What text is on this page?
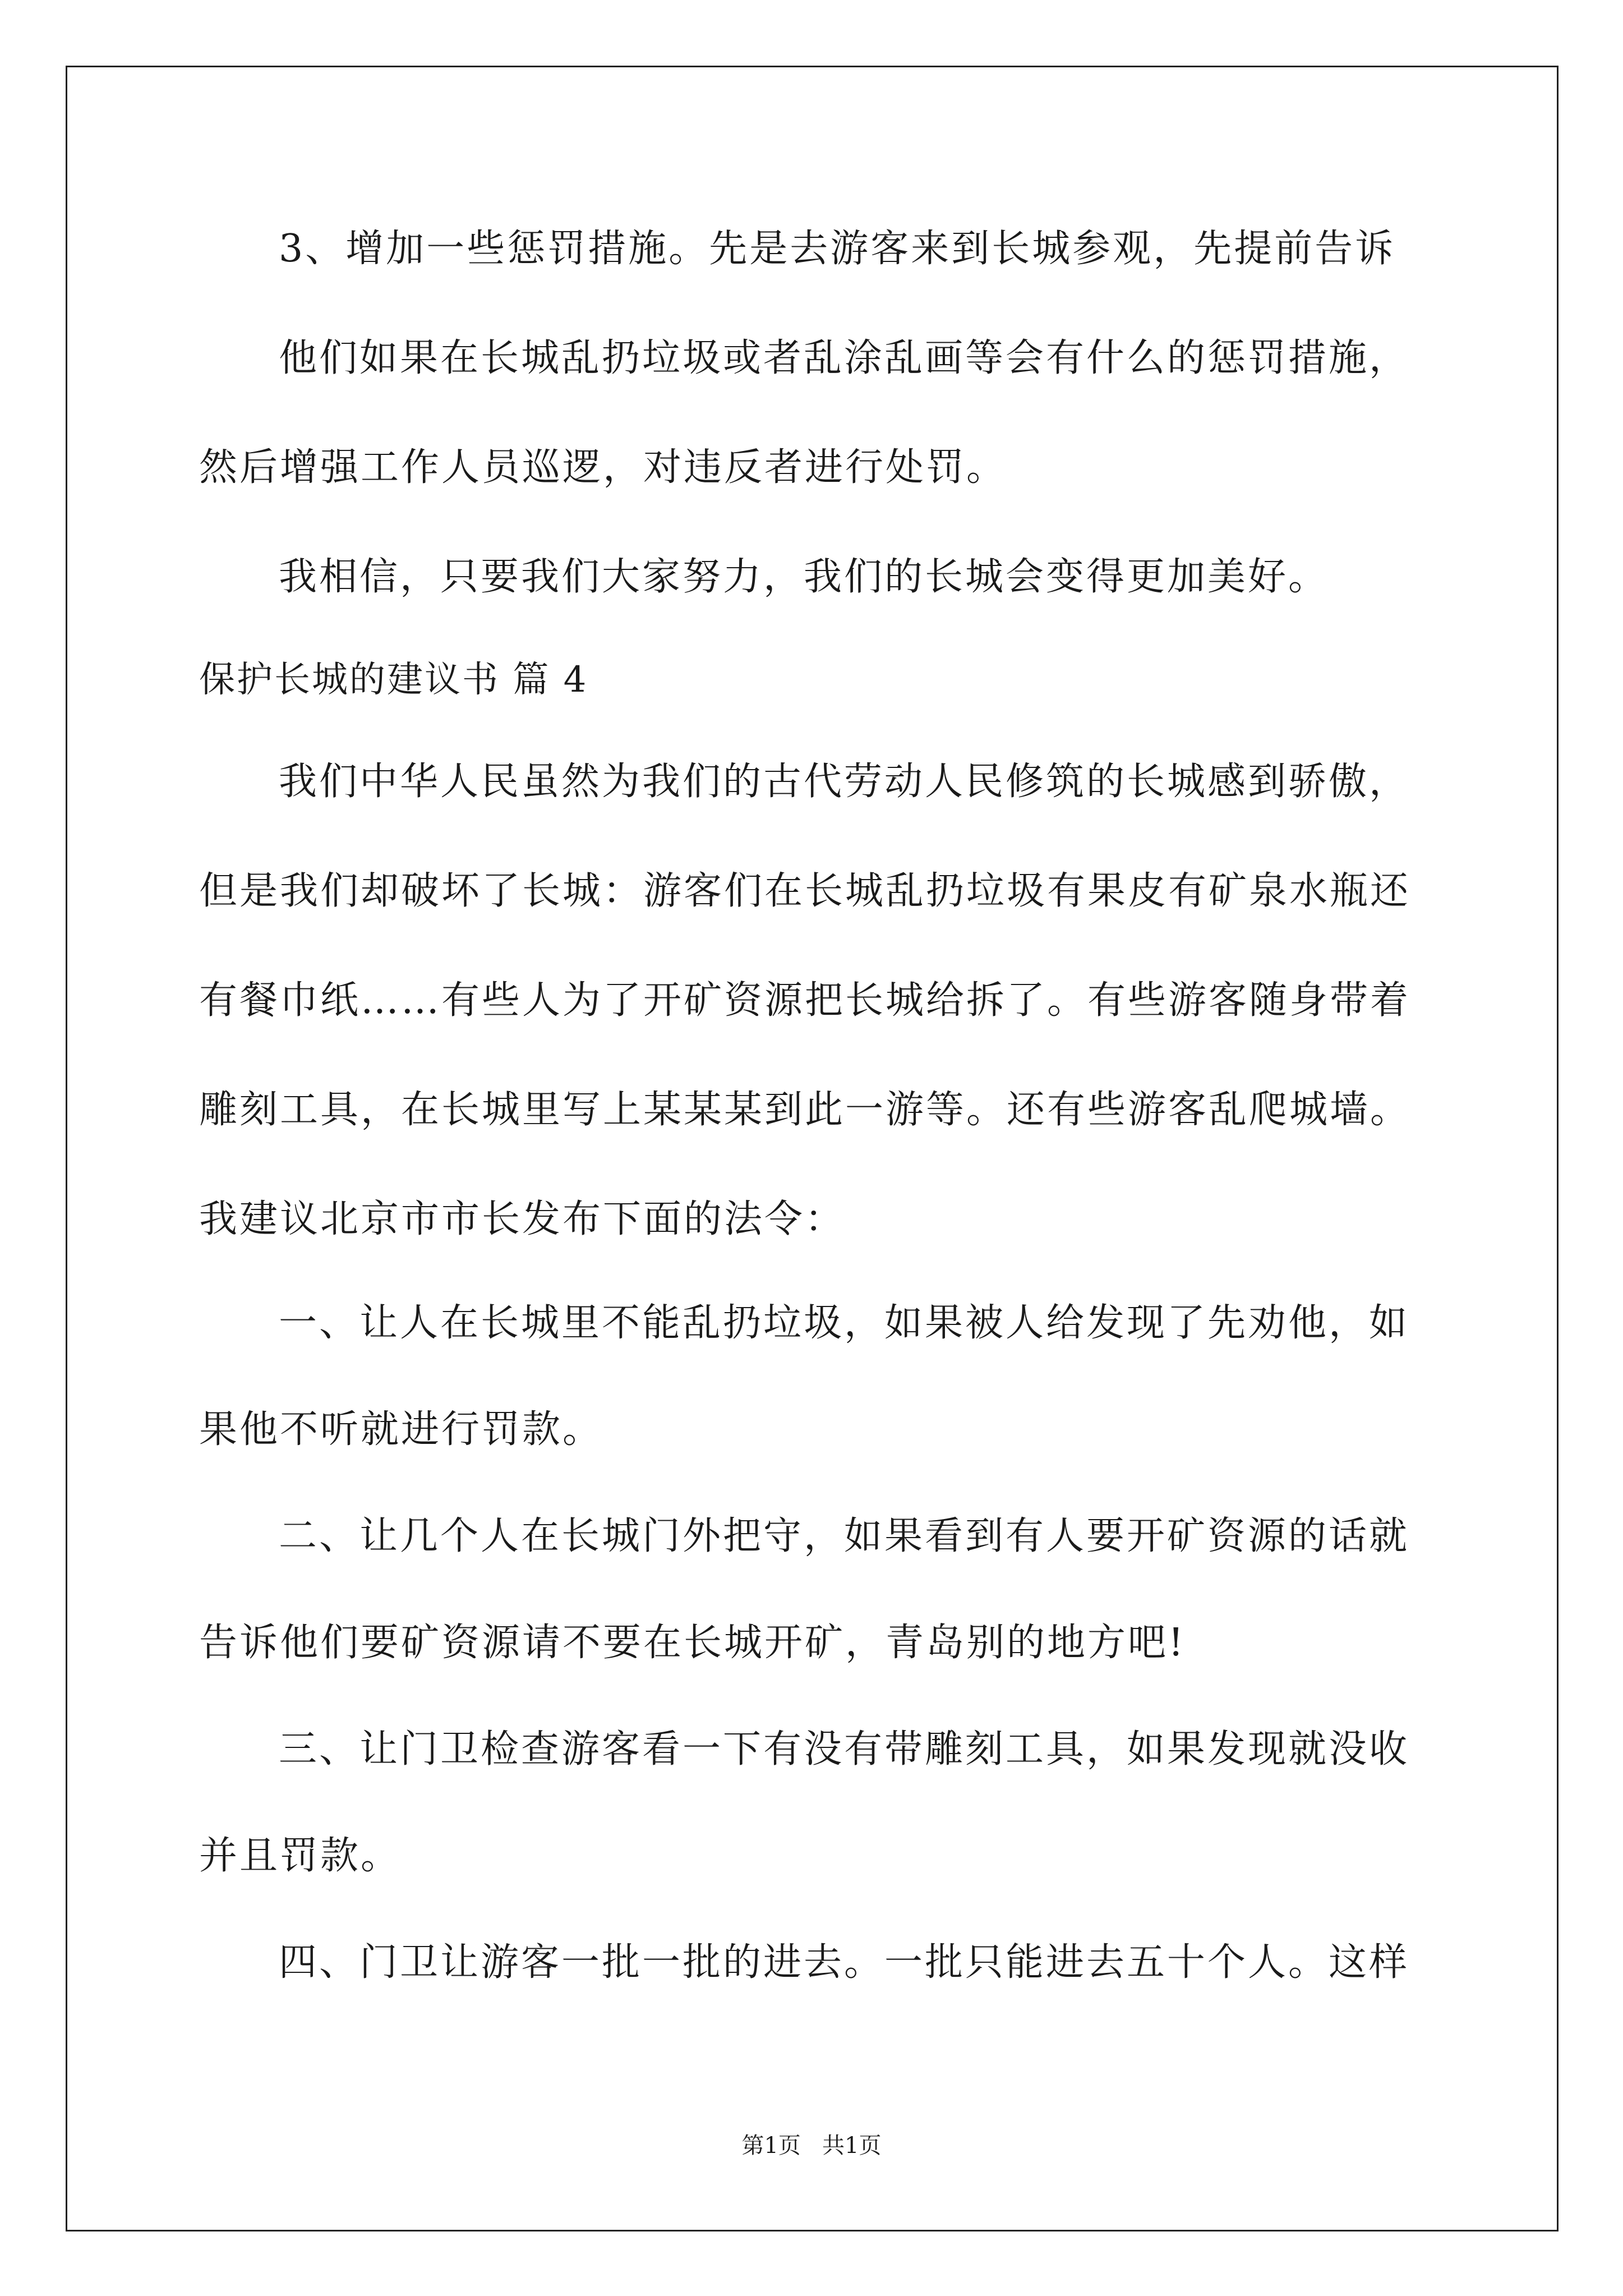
3、增加一些惩罚措施。先是去游客来到长城参观，先提前告诉
他们如果在长城乱扔垃圾或者乱涂乱画等会有什么的惩罚措施，
然后增强工作人员巡逻，对违反者进行处罚。
我相信，只要我们大家努力，我们的长城会变得更加美好。
保护长城的建议书 篇 4
我们中华人民虽然为我们的古代劳动人民修筑的长城感到骄傲，
但是我们却破坏了长城：游客们在长城乱扔垃圾有果皮有矿泉水瓶还
有餐巾纸……有些人为了开矿资源把长城给拆了。有些游客随身带着
雕刻工具，在长城里写上某某某到此一游等。还有些游客乱爬城墙。
我建议北京市市长发布下面的法令：
一、让人在长城里不能乱扔垃圾，如果被人给发现了先劝他，如
果他不听就进行罚款。
二、让几个人在长城门外把守，如果看到有人要开矿资源的话就
告诉他们要矿资源请不要在长城开矿，青岛别的地方吧!
三、让门卫检查游客看一下有没有带雕刻工具，如果发现就没收
并且罚款。
四、门卫让游客一批一批的进去。一批只能进去五十个人。这样
第1页   共1页
